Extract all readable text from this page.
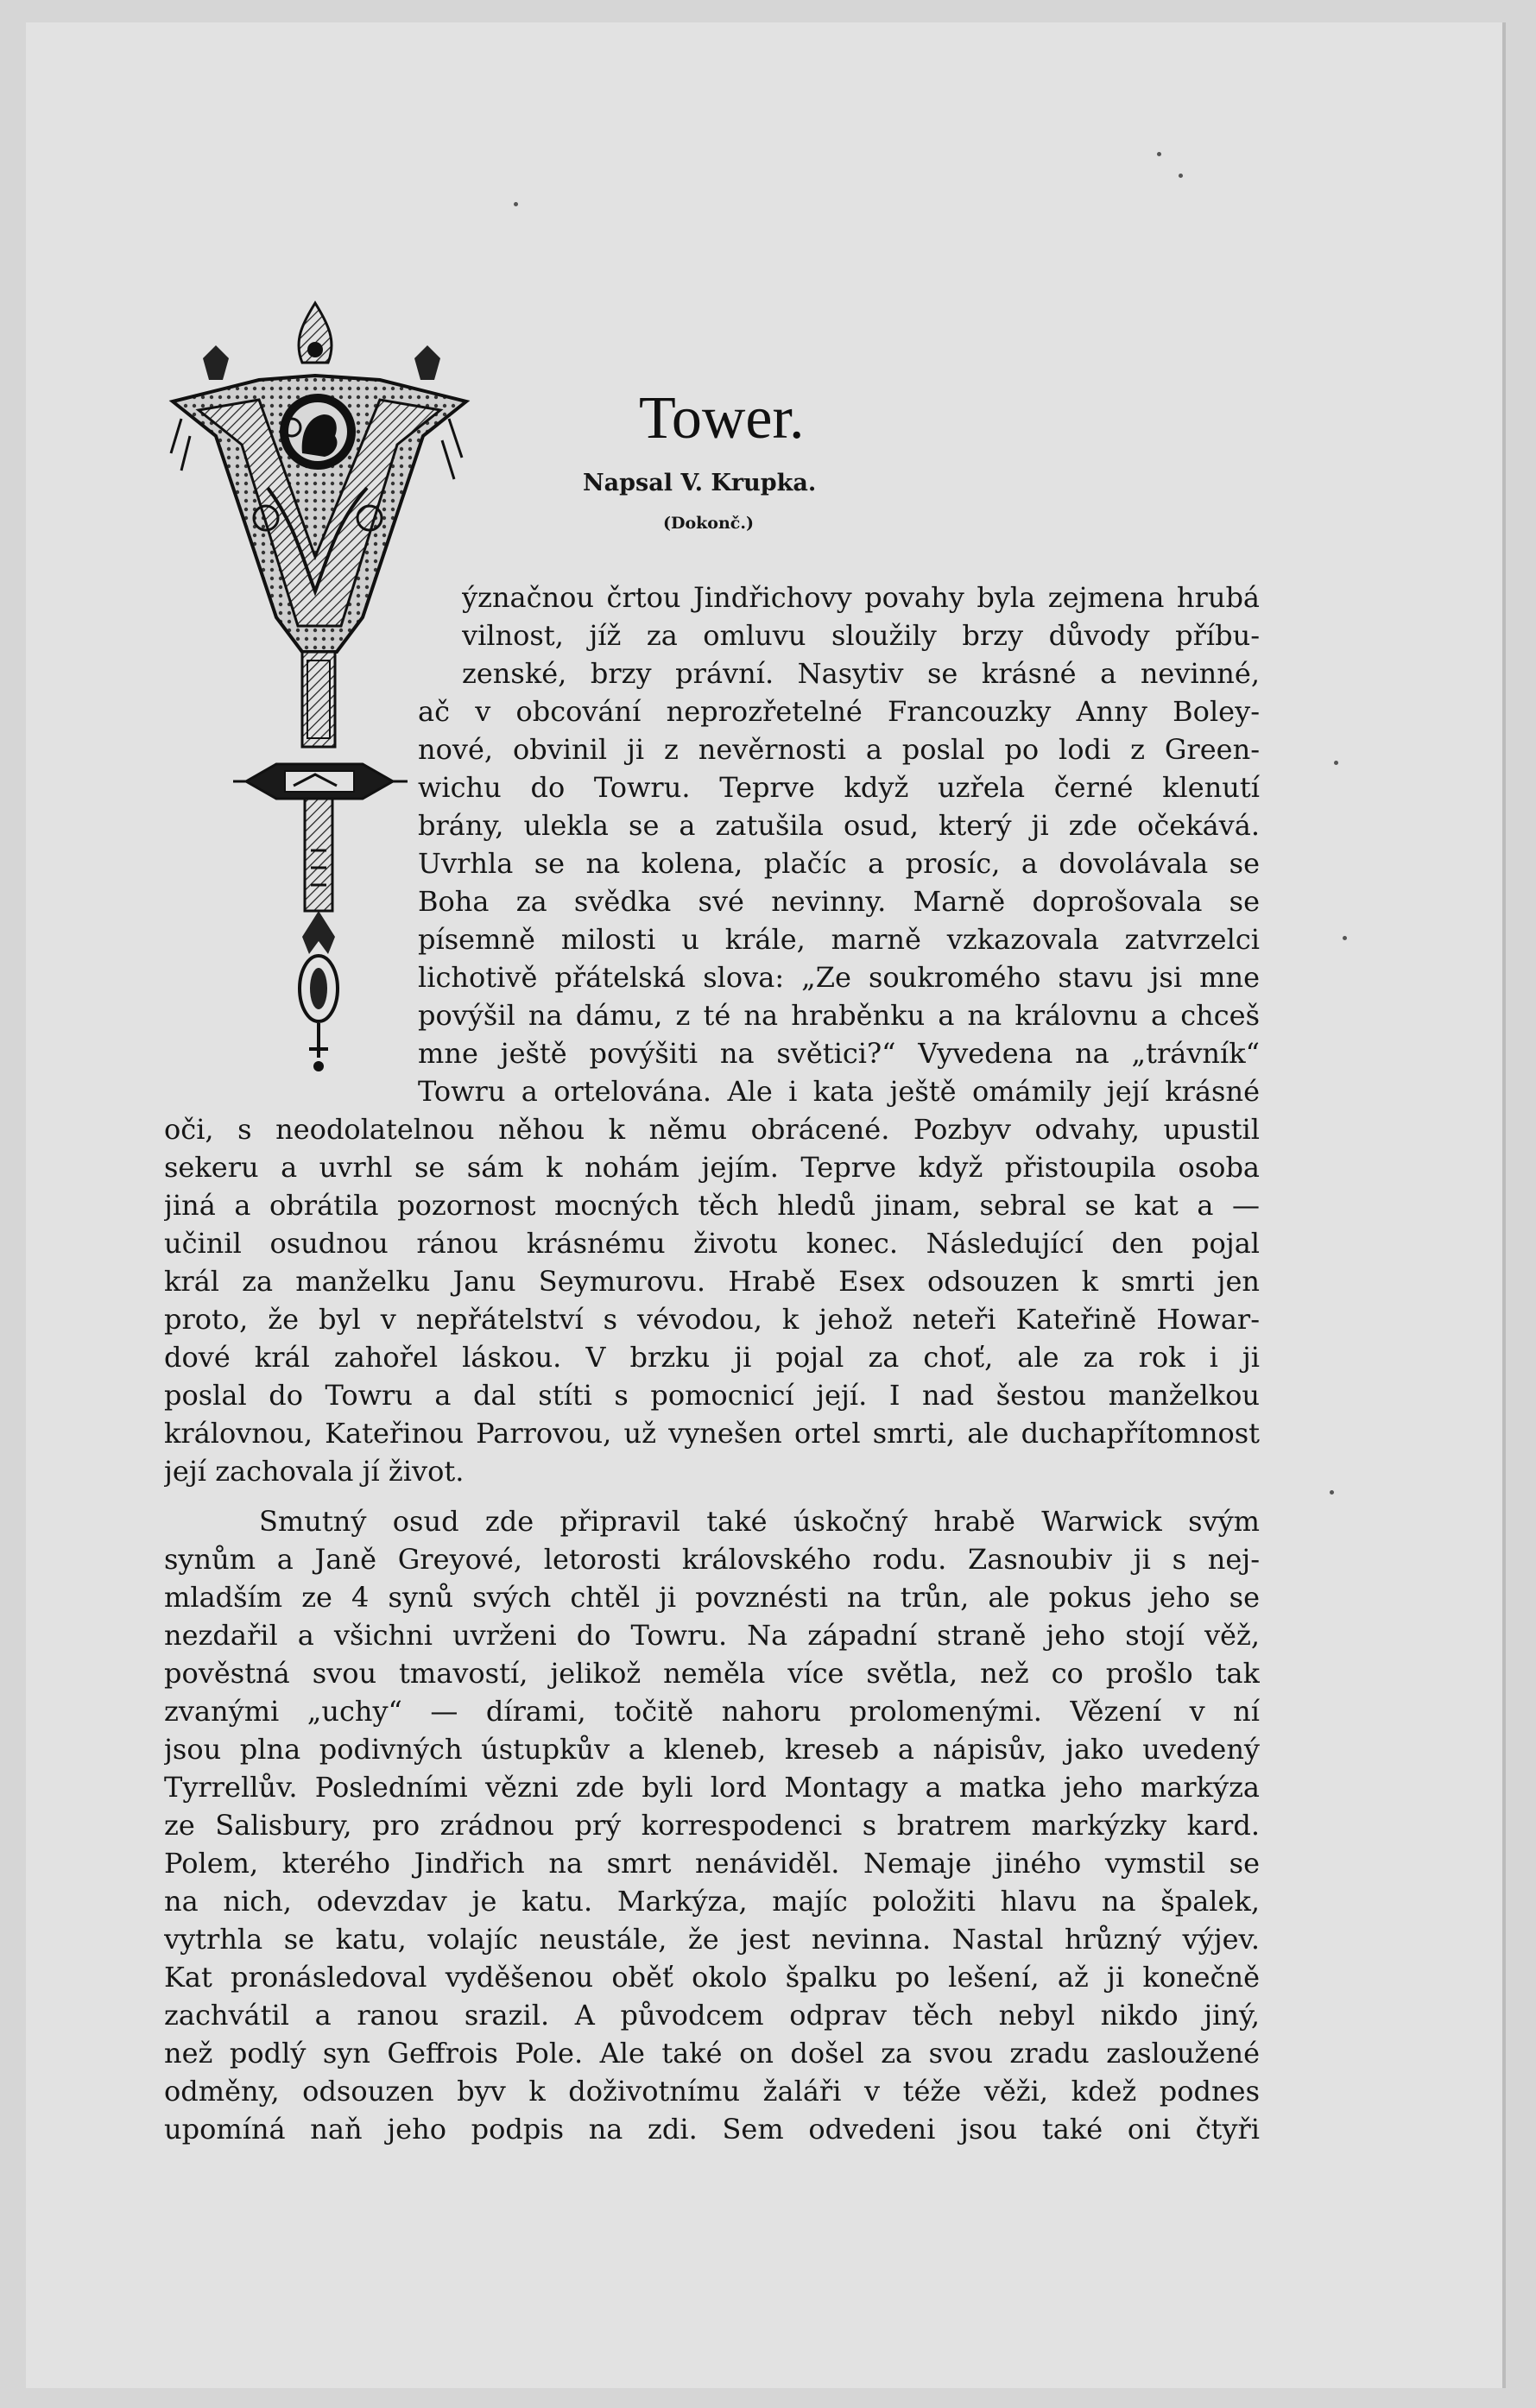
Tower.
Napsal V. Krupka.
(Dokonč.)
ýznačnou črtou Jindřichovy povahy byla zejmena hrubá
vilnost, jíž za omluvu sloužily brzy důvody příbu-
zenské, brzy právní. Nasytiv se krásné a nevinné,
ač v obcování neprozřetelné Francouzky Anny Boley-
nové, obvinil ji z nevěrnosti a poslal po lodi z Green-
wichu do Towru. Teprve když uzřela černé klenutí
brány, ulekla se a zatušila osud, který ji zde očekává.
Uvrhla se na kolena, plačíc a prosíc, a dovolávala se
Boha za svědka své nevinny. Marně doprošovala se
písemně milosti u krále, marně vzkazovala zatvrzelci
lichotivě přátelská slova: „Ze soukromého stavu jsi mne
povýšil na dámu, z té na hraběnku a na královnu a chceš
mne ještě povýšiti na světici?“ Vyvedena na „trávník“
Towru a ortelována. Ale i kata ještě omámily její krásné
oči, s neodolatelnou něhou k němu obrácené. Pozbyv odvahy, upustil
sekeru a uvrhl se sám k nohám jejím. Teprve když přistoupila osoba
jiná a obrátila pozornost mocných těch hledů jinam, sebral se kat a —
učinil osudnou ránou krásnému životu konec. Následující den pojal
král za manželku Janu Seymurovu. Hrabě Esex odsouzen k smrti jen
proto, že byl v nepřátelství s vévodou, k jehož neteři Kateřině Howar-
dové král zahořel láskou. V brzku ji pojal za choť, ale za rok i ji
poslal do Towru a dal stíti s pomocnicí její. I nad šestou manželkou
královnou, Kateřinou Parrovou, už vynešen ortel smrti, ale duchapřítomnost
její zachovala jí život.
Smutný osud zde připravil také úskočný hrabě Warwick svým
synům a Janě Greyové, letorosti královského rodu. Zasnoubiv ji s nej-
mladším ze 4 synů svých chtěl ji povznésti na trůn, ale pokus jeho se
nezdařil a všichni uvrženi do Towru. Na západní straně jeho stojí věž,
pověstná svou tmavostí, jelikož neměla více světla, než co prošlo tak
zvanými „uchy“ — dírami, točitě nahoru prolomenými. Vězení v ní
jsou plna podivných ústupkův a kleneb, kreseb a nápisův, jako uvedený
Tyrrellův. Posledními vězni zde byli lord Montagy a matka jeho markýza
ze Salisbury, pro zrádnou prý korrespodenci s bratrem markýzky kard.
Polem, kterého Jindřich na smrt nenáviděl. Nemaje jiného vymstil se
na nich, odevzdav je katu. Markýza, majíc položiti hlavu na špalek,
vytrhla se katu, volajíc neustále, že jest nevinna. Nastal hrůzný výjev.
Kat pronásledoval vyděšenou oběť okolo špalku po lešení, až ji konečně
zachvátil a ranou srazil. A původcem odprav těch nebyl nikdo jiný,
než podlý syn Geffrois Pole. Ale také on došel za svou zradu zasloužené
odměny, odsouzen byv k doživotnímu žaláři v téže věži, kdež podnes
upomíná naň jeho podpis na zdi. Sem odvedeni jsou také oni čtyři
